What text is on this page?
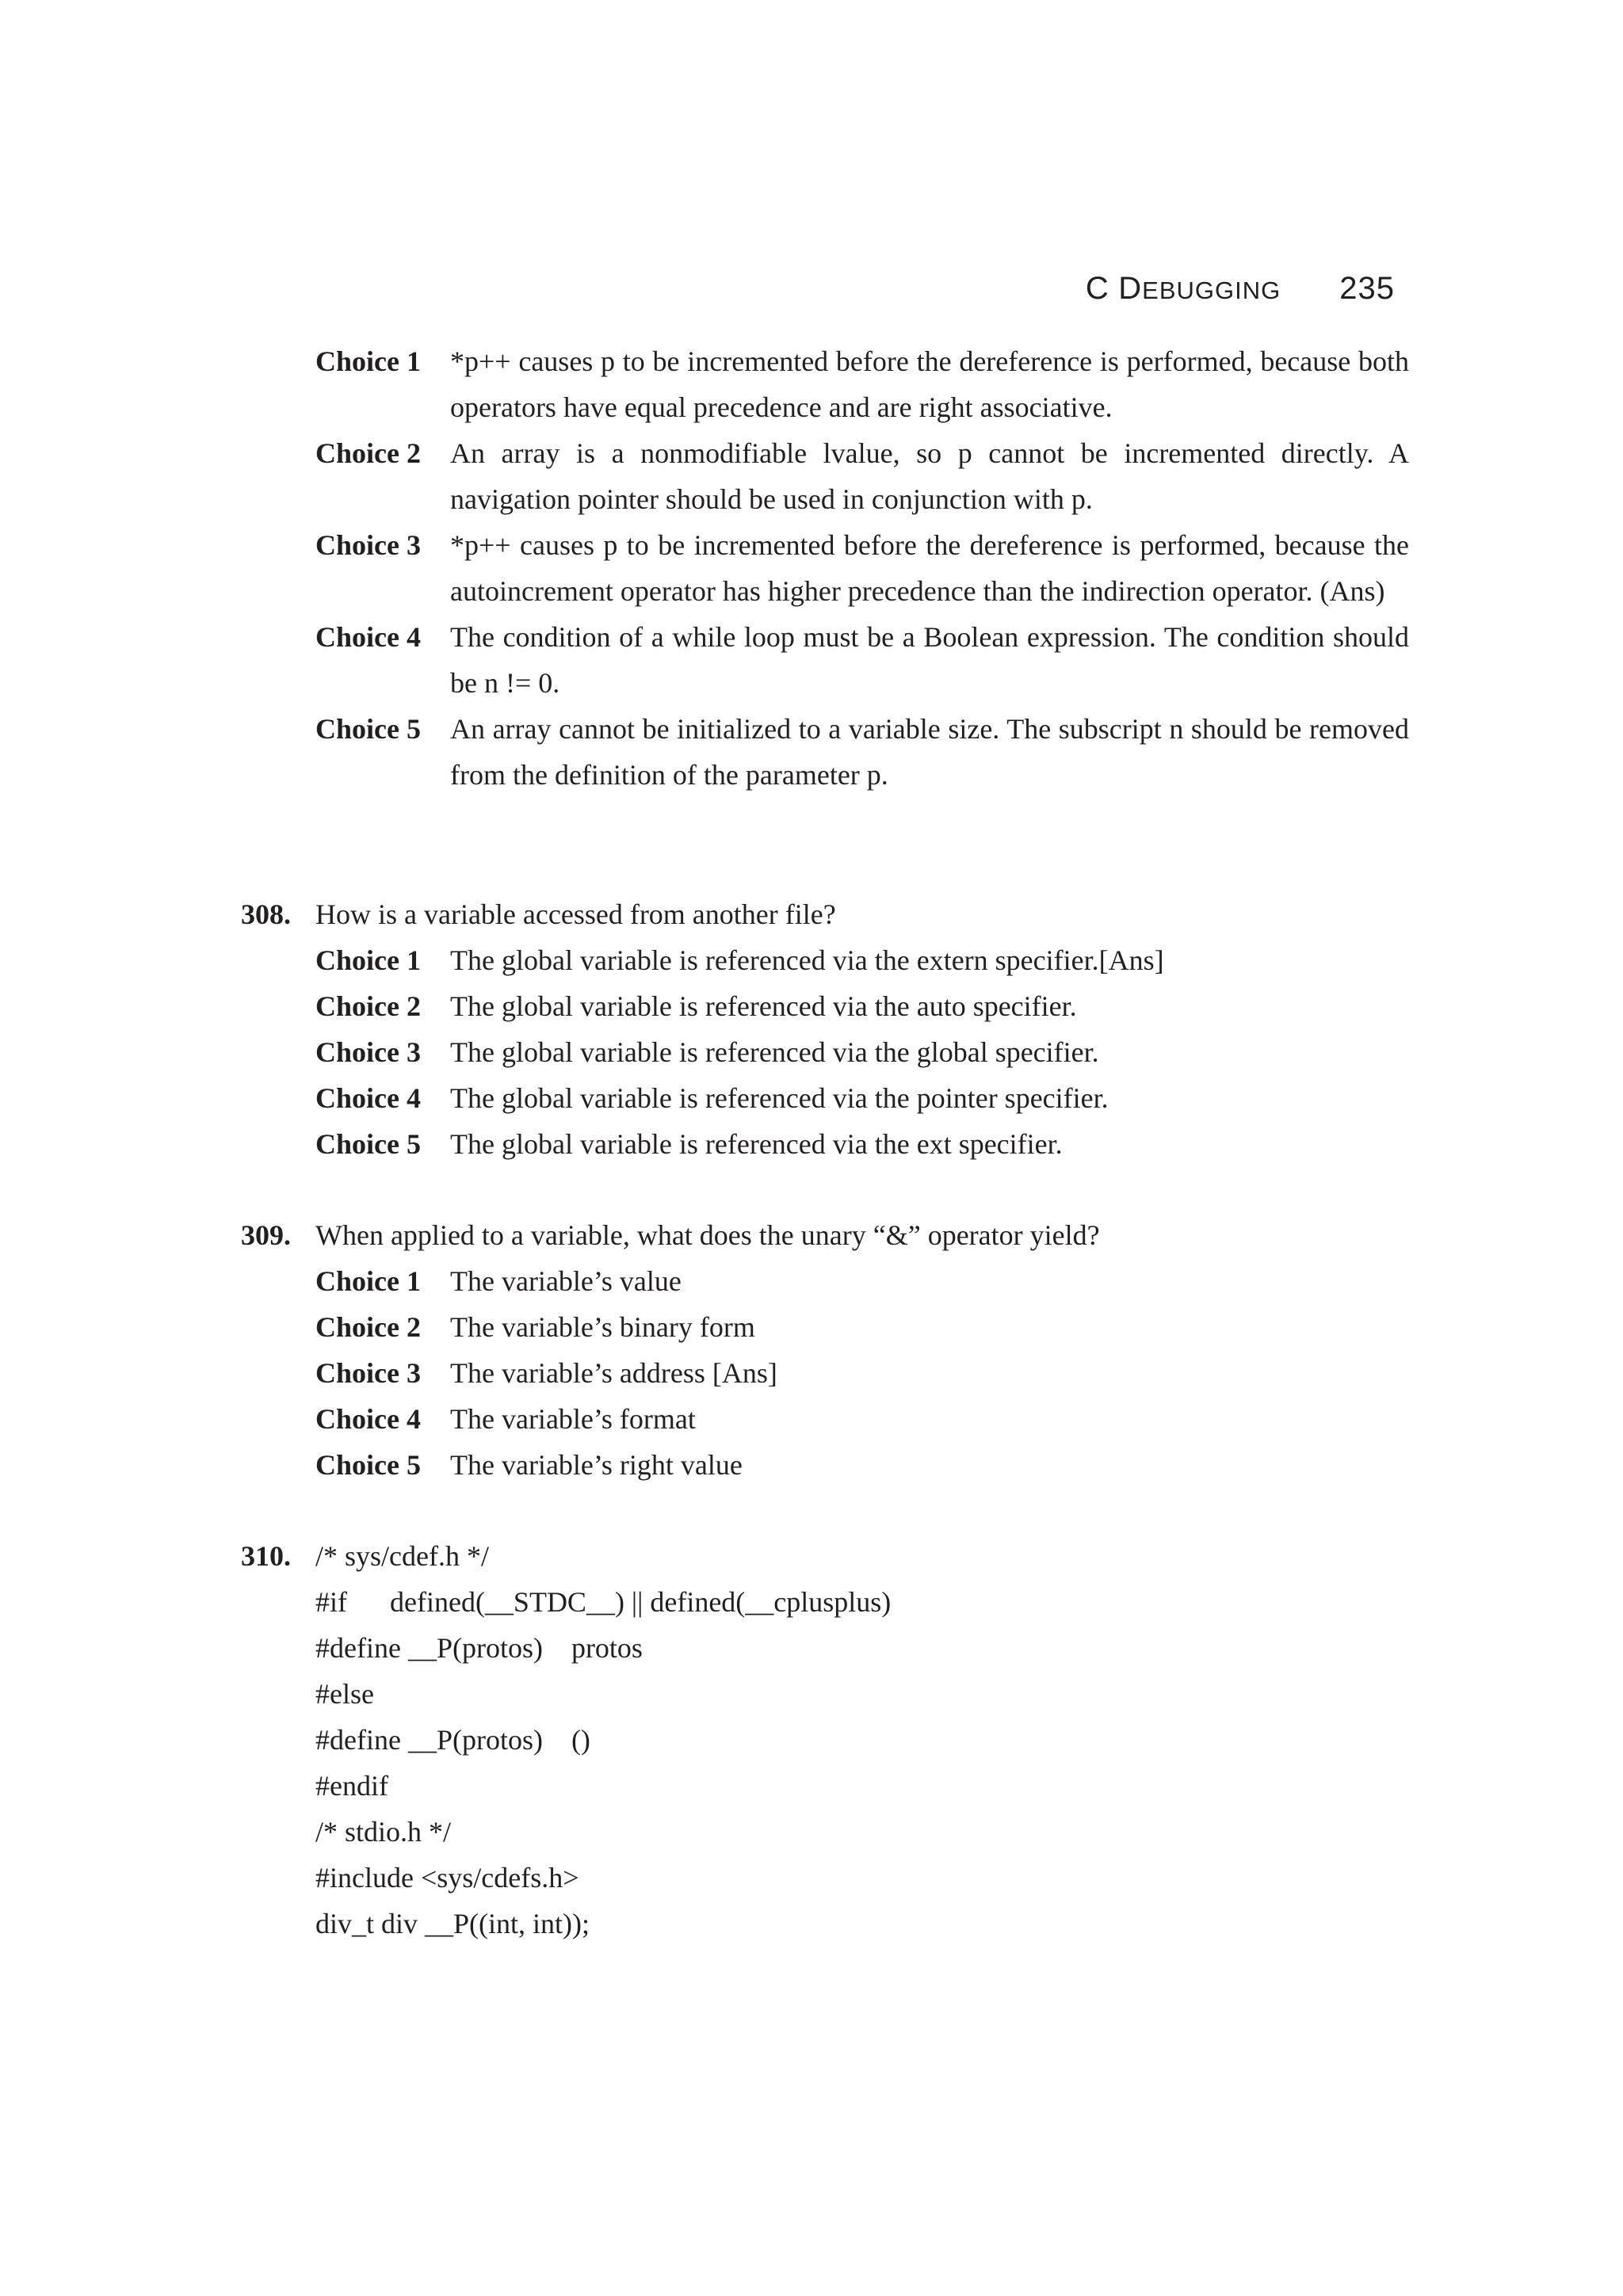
C DEBUGGING 235
Choice 1	*p++ causes p to be incremented before the dereference is performed, because both operators have equal precedence and are right associative.
Choice 2	An array is a nonmodifiable lvalue, so p cannot be incremented directly. A navigation pointer should be used in conjunction with p.
Choice 3	*p++ causes p to be incremented before the dereference is performed, because the autoincrement operator has higher precedence than the indirection operator. (Ans)
Choice 4	The condition of a while loop must be a Boolean expression. The condition should be n != 0.
Choice 5	An array cannot be initialized to a variable size. The subscript n should be removed from the definition of the parameter p.
308. How is a variable accessed from another file?
Choice 1	The global variable is referenced via the extern specifier.[Ans]
Choice 2	The global variable is referenced via the auto specifier.
Choice 3	The global variable is referenced via the global specifier.
Choice 4	The global variable is referenced via the pointer specifier.
Choice 5	The global variable is referenced via the ext specifier.
309. When applied to a variable, what does the unary “&” operator yield?
Choice 1	The variable’s value
Choice 2	The variable’s binary form
Choice 3	The variable’s address [Ans]
Choice 4	The variable’s format
Choice 5	The variable’s right value
310. /* sys/cdef.h */
#if      defined(__STDC__) || defined(__cplusplus)
#define __P(protos)    protos
#else
#define __P(protos)    ()
#endif
/* stdio.h */
#include <sys/cdefs.h>
div_t div __P((int, int));
